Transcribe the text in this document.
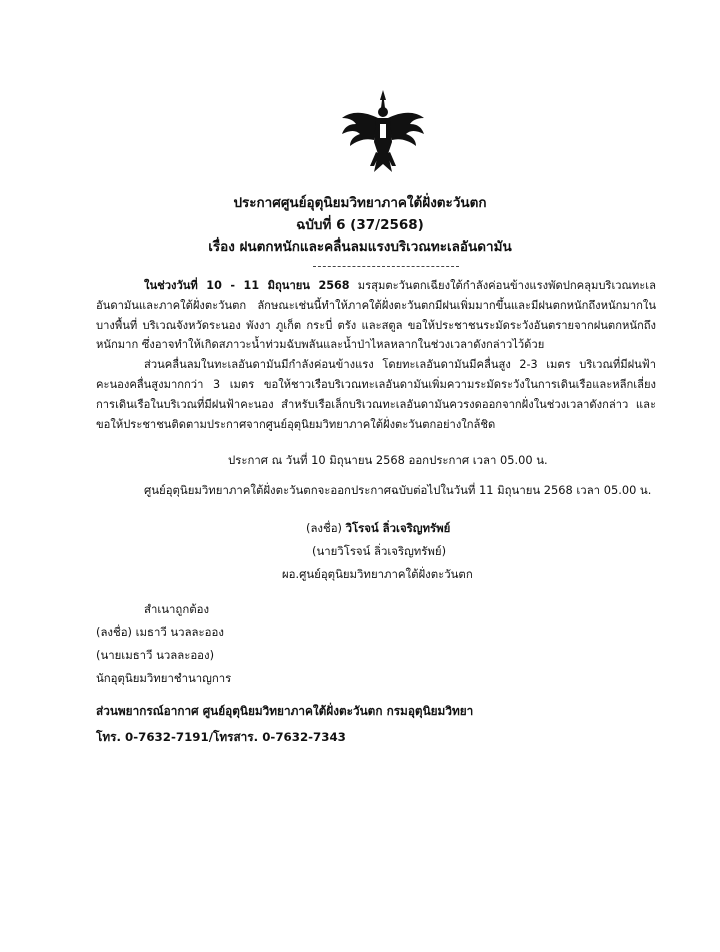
ประกาศศูนย์อุตุนิยมวิทยาภาคใต้ฝั่งตะวันตก
ฉบับที่ 6 (37/2568)
เรื่อง ฝนตกหนักและคลื่นลมแรงบริเวณทะเลอันดามัน

ในช่วงวันที่ 10 - 11 มิถุนายน 2568 มรสุมตะวันตกเฉียงใต้กำลังค่อนข้างแรงพัดปกคลุมบริเวณทะเลอันดามันและภาคใต้ฝั่งตะวันตก ลักษณะเช่นนี้ทำให้ภาคใต้ฝั่งตะวันตกมีฝนเพิ่มมากขึ้นและมีฝนตกหนักถึงหนักมากในบางพื้นที่ บริเวณจังหวัดระนอง พังงา ภูเก็ต กระบี่ ตรัง และสตูล ขอให้ประชาชนระมัดระวังอันตรายจากฝนตกหนักถึงหนักมาก ซึ่งอาจทำให้เกิดสภาวะน้ำท่วมฉับพลันและน้ำป่าไหลหลากในช่วงเวลาดังกล่าวไว้ด้วย

ส่วนคลื่นลมในทะเลอันดามันมีกำลังค่อนข้างแรง โดยทะเลอันดามันมีคลื่นสูง 2-3 เมตร บริเวณที่มีฝนฟ้าคะนองคลื่นสูงมากกว่า 3 เมตร ขอให้ชาวเรือบริเวณทะเลอันดามันเพิ่มความระมัดระวังในการเดินเรือและหลีกเลี่ยงการเดินเรือในบริเวณที่มีฝนฟ้าคะนอง สำหรับเรือเล็กบริเวณทะเลอันดามันควรงดออกจากฝั่งในช่วงเวลาดังกล่าว และขอให้ประชาชนติดตามประกาศจากศูนย์อุตุนิยมวิทยาภาคใต้ฝั่งตะวันตกอย่างใกล้ชิด

ประกาศ ณ วันที่ 10 มิถุนายน 2568 ออกประกาศ เวลา 05.00 น.
ศูนย์อุตุนิยมวิทยาภาคใต้ฝั่งตะวันตกจะออกประกาศฉบับต่อไปในวันที่ 11 มิถุนายน 2568 เวลา 05.00 น.
(ลงชื่อ) วิโรจน์ ลิ่วเจริญทรัพย์
(นายวิโรจน์ ลิ่วเจริญทรัพย์)
ผอ.ศูนย์อุตุนิยมวิทยาภาคใต้ฝั่งตะวันตก
สำเนาถูกต้อง
(ลงชื่อ) เมธาวี นวลละออง
(นายเมธาวี นวลละออง)
นักอุตุนิยมวิทยาชำนาญการ
ส่วนพยากรณ์อากาศ ศูนย์อุตุนิยมวิทยาภาคใต้ฝั่งตะวันตก กรมอุตุนิยมวิทยา
โทร. 0-7632-7191/โทรสาร. 0-7632-7343
